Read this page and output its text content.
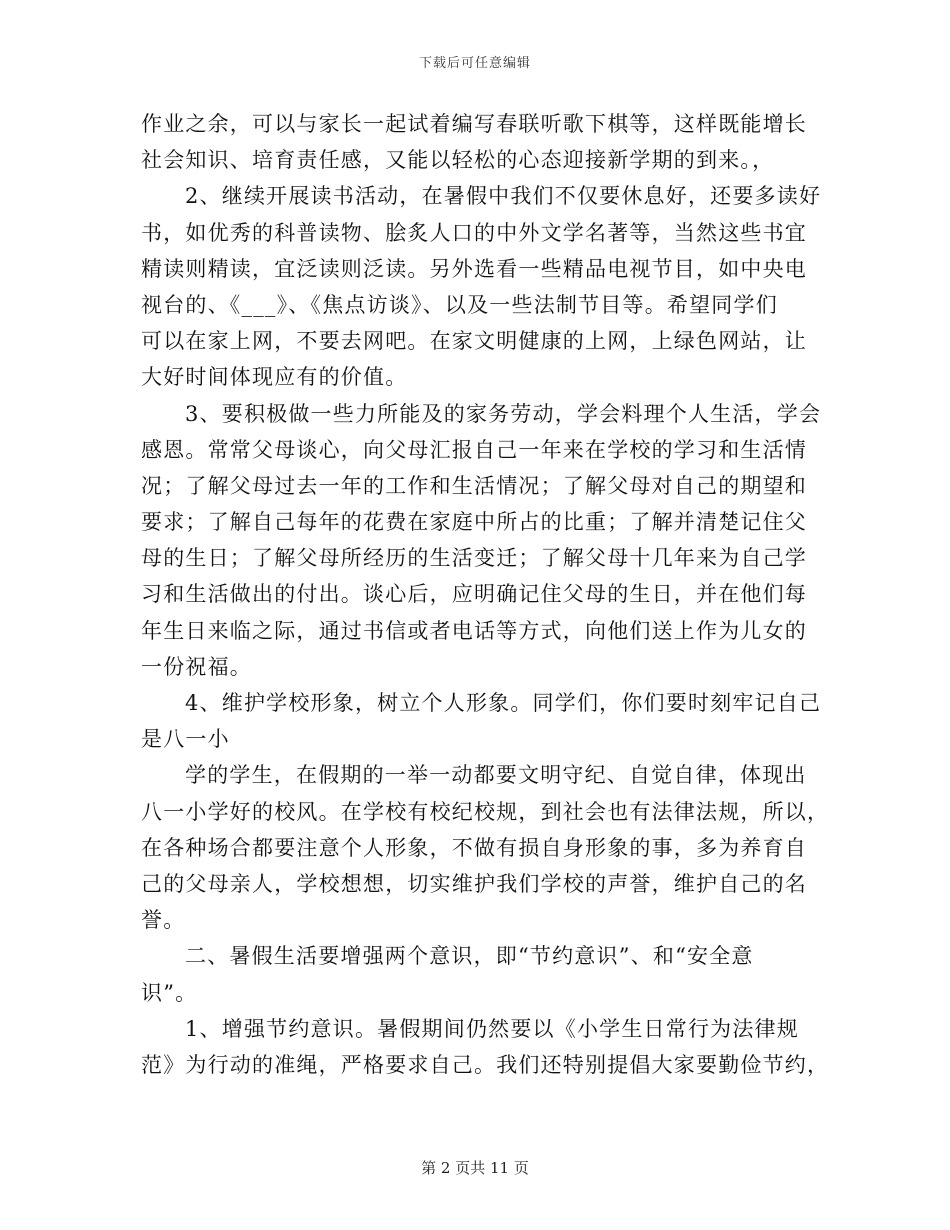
下载后可任意编辑
作业之余，可以与家长一起试着编写春联听歌下棋等，这样既能增长
社会知识、培育责任感，又能以轻松的心态迎接新学期的到来。，
2、继续开展读书活动，在暑假中我们不仅要休息好，还要多读好
书，如优秀的科普读物、脍炙人口的中外文学名著等，当然这些书宜
精读则精读，宜泛读则泛读。另外选看一些精品电视节目，如中央电
视台的、《___》、《焦点访谈》、以及一些法制节目等。希望同学们
可以在家上网，不要去网吧。在家文明健康的上网，上绿色网站，让
大好时间体现应有的价值。
3、要积极做一些力所能及的家务劳动，学会料理个人生活，学会
感恩。常常父母谈心，向父母汇报自己一年来在学校的学习和生活情
况；了解父母过去一年的工作和生活情况；了解父母对自己的期望和
要求；了解自己每年的花费在家庭中所占的比重；了解并清楚记住父
母的生日；了解父母所经历的生活变迁；了解父母十几年来为自己学
习和生活做出的付出。谈心后，应明确记住父母的生日，并在他们每
年生日来临之际，通过书信或者电话等方式，向他们送上作为儿女的
一份祝福。
4、维护学校形象，树立个人形象。同学们，你们要时刻牢记自己
是八一小
学的学生，在假期的一举一动都要文明守纪、自觉自律，体现出
八一小学好的校风。在学校有校纪校规，到社会也有法律法规，所以，
在各种场合都要注意个人形象，不做有损自身形象的事，多为养育自
己的父母亲人，学校想想，切实维护我们学校的声誉，维护自己的名
誉。
二、暑假生活要增强两个意识，即“节约意识”、和“安全意
识”。
1、增强节约意识。暑假期间仍然要以《小学生日常行为法律规
范》为行动的准绳，严格要求自己。我们还特别提倡大家要勤俭节约，
第 2 页共 11 页
